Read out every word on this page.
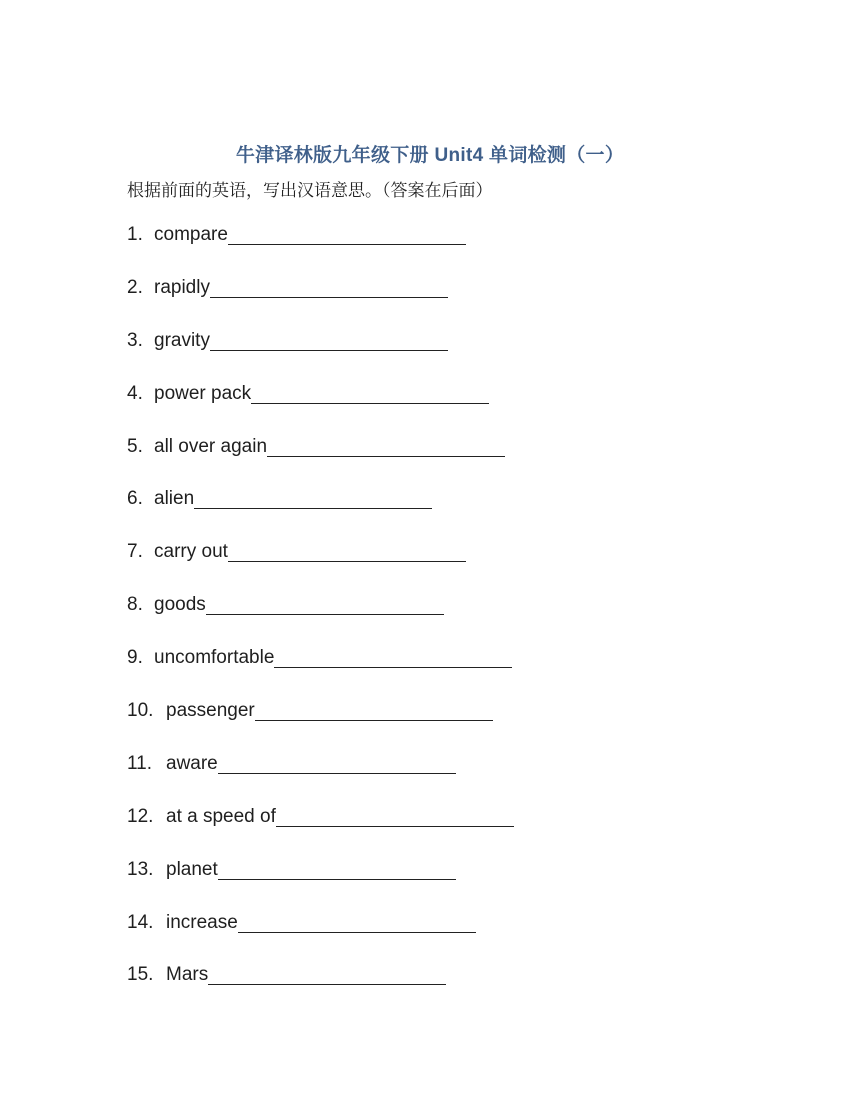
牛津译林版九年级下册 Unit4 单词检测（一）
根据前面的英语，写出汉语意思。（答案在后面）
1. compare
2. rapidly
3. gravity
4. power pack
5. all over again
6. alien
7. carry out
8. goods
9. uncomfortable
10. passenger
11. aware
12. at a speed of
13. planet
14. increase
15. Mars
